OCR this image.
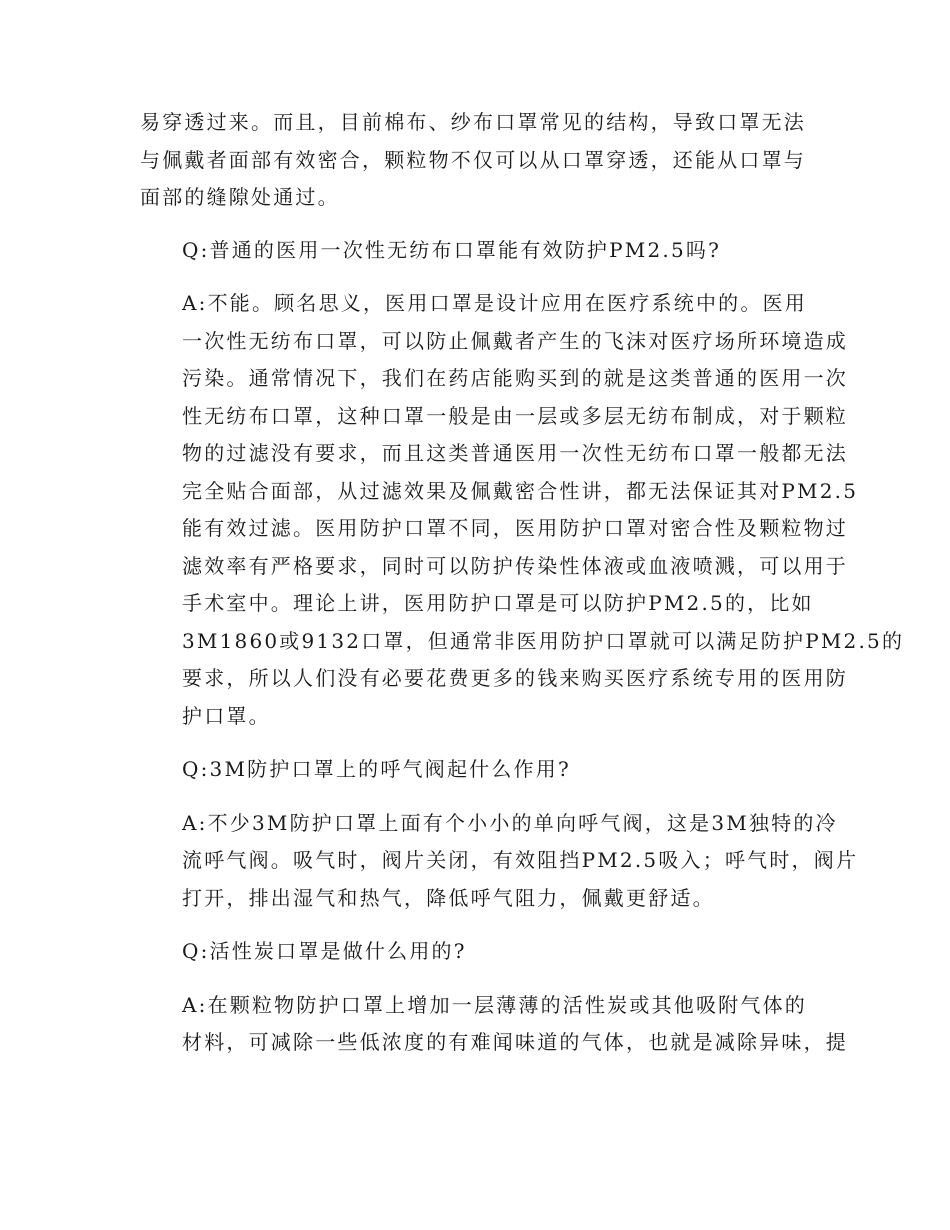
易穿透过来。而且，目前棉布、纱布口罩常见的结构，导致口罩无法
与佩戴者面部有效密合，颗粒物不仅可以从口罩穿透，还能从口罩与
面部的缝隙处通过。

Q:普通的医用一次性无纺布口罩能有效防护PM2.5吗?

A:不能。顾名思义，医用口罩是设计应用在医疗系统中的。医用
一次性无纺布口罩，可以防止佩戴者产生的飞沫对医疗场所环境造成
污染。通常情况下，我们在药店能购买到的就是这类普通的医用一次
性无纺布口罩，这种口罩一般是由一层或多层无纺布制成，对于颗粒
物的过滤没有要求，而且这类普通医用一次性无纺布口罩一般都无法
完全贴合面部，从过滤效果及佩戴密合性讲，都无法保证其对PM2.5
能有效过滤。医用防护口罩不同，医用防护口罩对密合性及颗粒物过
滤效率有严格要求，同时可以防护传染性体液或血液喷溅，可以用于
手术室中。理论上讲，医用防护口罩是可以防护PM2.5的，比如
3M1860或9132口罩，但通常非医用防护口罩就可以满足防护PM2.5的
要求，所以人们没有必要花费更多的钱来购买医疗系统专用的医用防
护口罩。

Q:3M防护口罩上的呼气阀起什么作用?

A:不少3M防护口罩上面有个小小的单向呼气阀，这是3M独特的冷
流呼气阀。吸气时，阀片关闭，有效阻挡PM2.5吸入；呼气时，阀片
打开，排出湿气和热气，降低呼气阻力，佩戴更舒适。

Q:活性炭口罩是做什么用的?

A:在颗粒物防护口罩上增加一层薄薄的活性炭或其他吸附气体的
材料，可减除一些低浓度的有难闻味道的气体，也就是减除异味，提
